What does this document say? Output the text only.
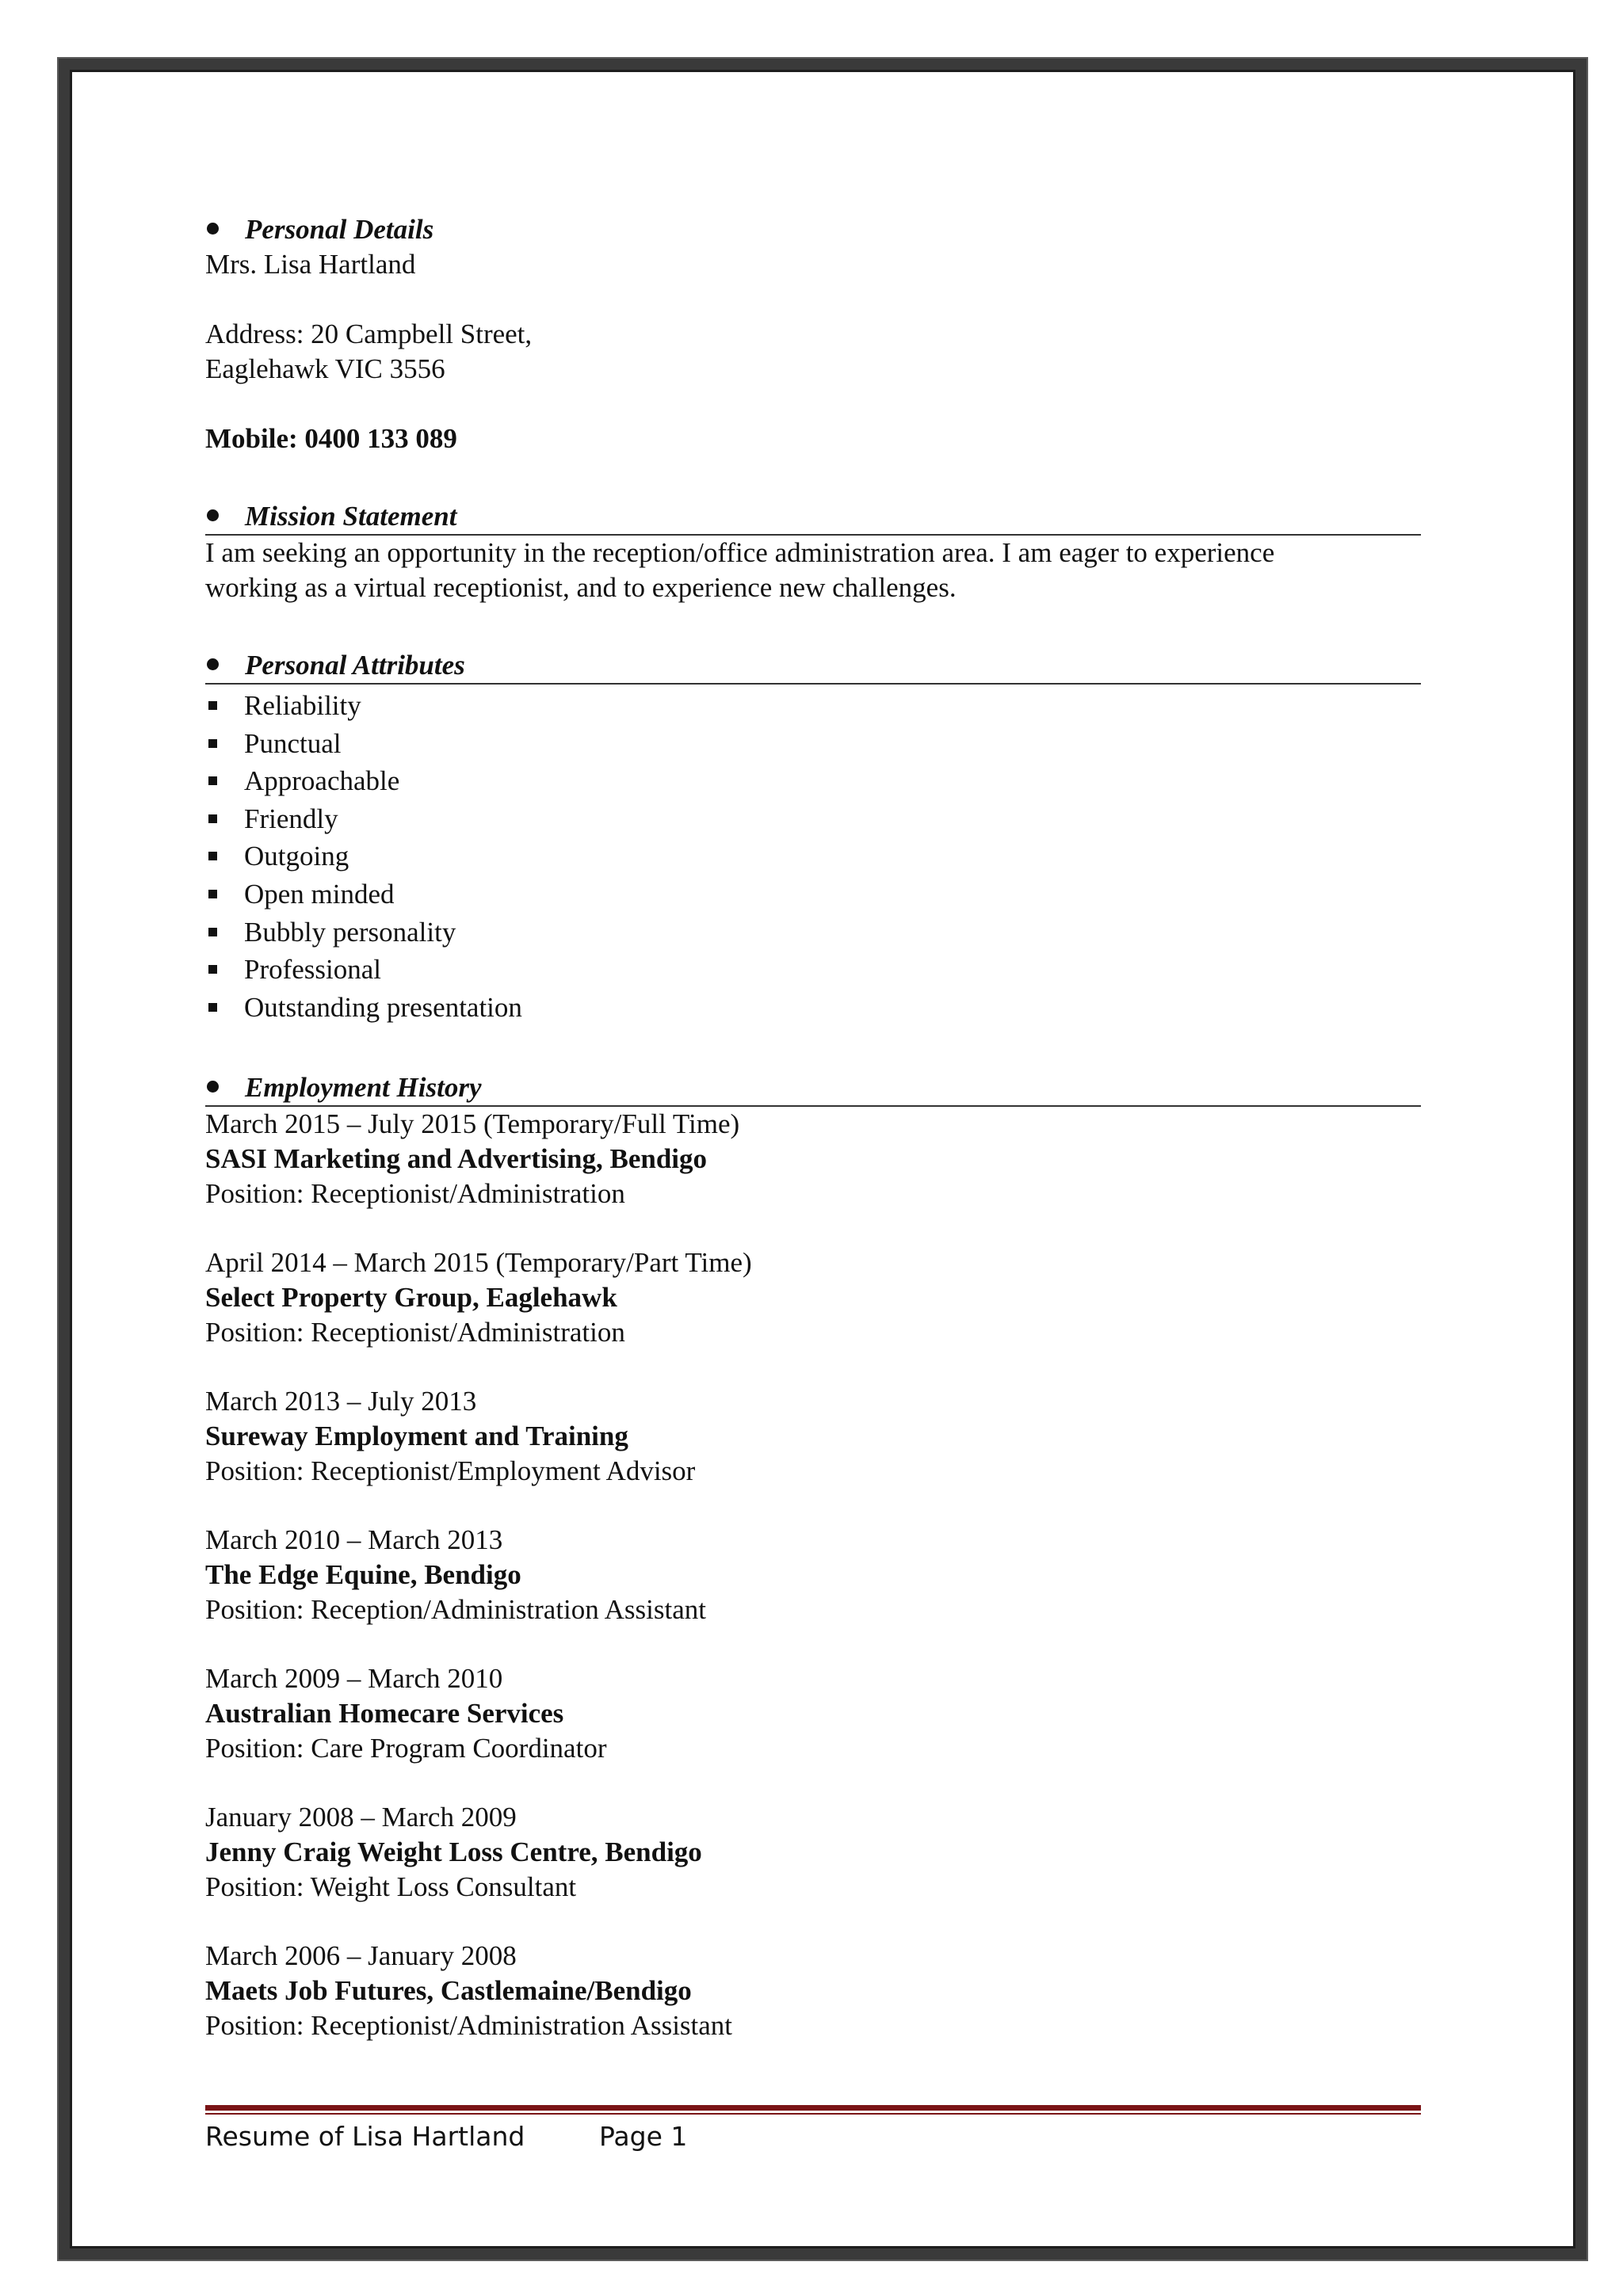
Personal Details
Mrs. Lisa Hartland
Address: 20 Campbell Street,
Eaglehawk VIC 3556
Mobile: 0400 133 089
Mission Statement
I am seeking an opportunity in the reception/office administration area. I am eager to experience
working as a virtual receptionist, and to experience new challenges.
Personal Attributes
Reliability
Punctual
Approachable
Friendly
Outgoing
Open minded
Bubbly personality
Professional
Outstanding presentation
Employment History
March 2015 – July 2015 (Temporary/Full Time)
SASI Marketing and Advertising, Bendigo
Position: Receptionist/Administration
April 2014 – March 2015 (Temporary/Part Time)
Select Property Group, Eaglehawk
Position: Receptionist/Administration
March 2013 – July 2013
Sureway Employment and Training
Position: Receptionist/Employment Advisor
March 2010 – March 2013
The Edge Equine, Bendigo
Position: Reception/Administration Assistant
March 2009 – March 2010
Australian Homecare Services
Position: Care Program Coordinator
January 2008 – March 2009
Jenny Craig Weight Loss Centre, Bendigo
Position: Weight Loss Consultant
March 2006 – January 2008
Maets Job Futures, Castlemaine/Bendigo
Position: Receptionist/Administration Assistant
Resume of Lisa Hartland	Page 1
